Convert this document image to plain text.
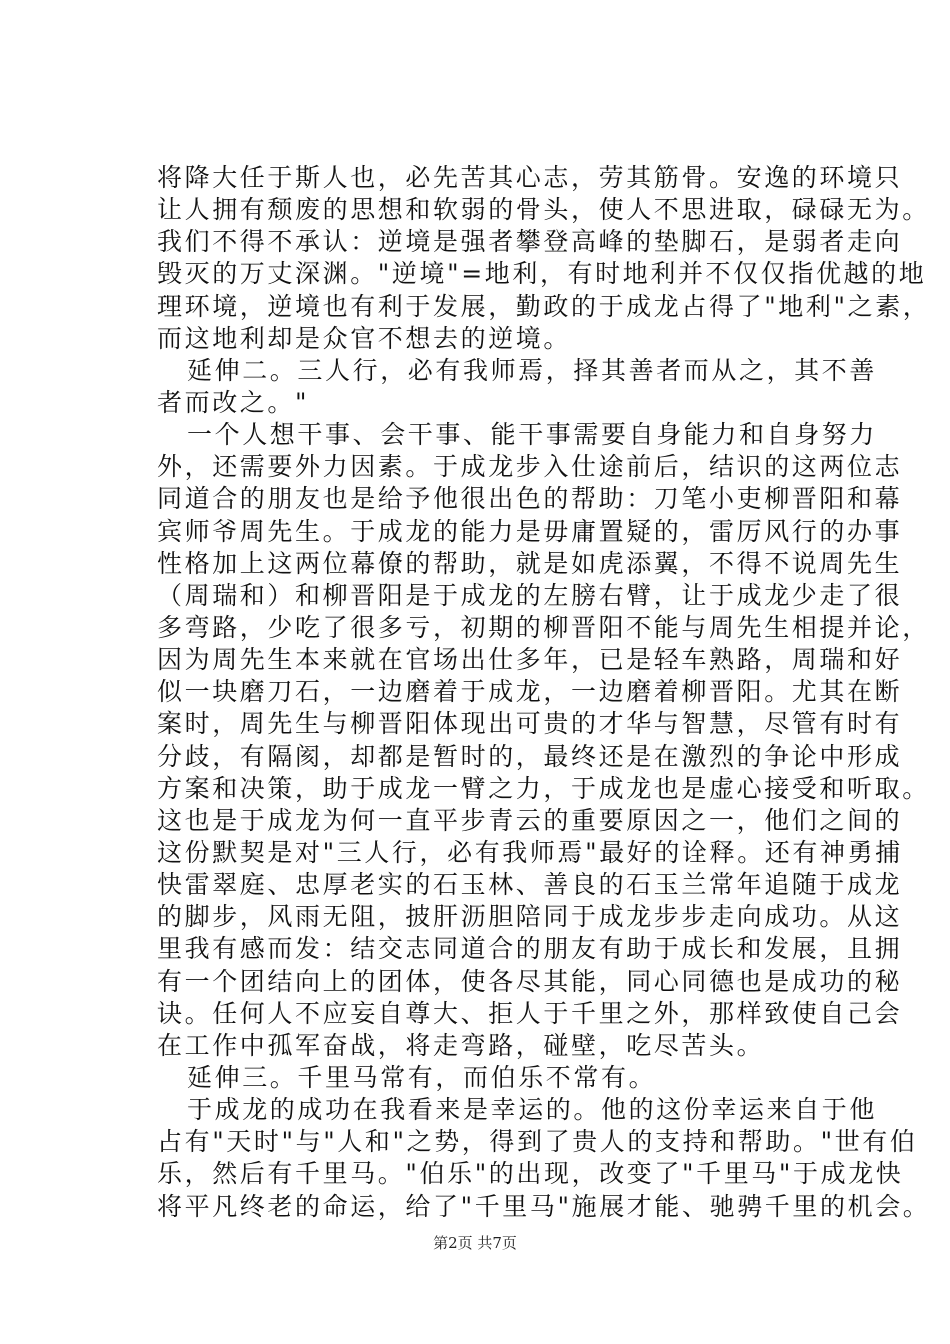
将降大任于斯人也，必先苦其心志，劳其筋骨。安逸的环境只
让人拥有颓废的思想和软弱的骨头，使人不思进取，碌碌无为。
我们不得不承认：逆境是强者攀登高峰的垫脚石，是弱者走向
毁灭的万丈深渊。"逆境"=地利，有时地利并不仅仅指优越的地
理环境，逆境也有利于发展，勤政的于成龙占得了"地利"之素，
而这地利却是众官不想去的逆境。
延伸二。三人行，必有我师焉，择其善者而从之，其不善
者而改之。"
一个人想干事、会干事、能干事需要自身能力和自身努力
外，还需要外力因素。于成龙步入仕途前后，结识的这两位志
同道合的朋友也是给予他很出色的帮助：刀笔小吏柳晋阳和幕
宾师爷周先生。于成龙的能力是毋庸置疑的，雷厉风行的办事
性格加上这两位幕僚的帮助，就是如虎添翼，不得不说周先生
（周瑞和）和柳晋阳是于成龙的左膀右臂，让于成龙少走了很
多弯路，少吃了很多亏，初期的柳晋阳不能与周先生相提并论，
因为周先生本来就在官场出仕多年，已是轻车熟路，周瑞和好
似一块磨刀石，一边磨着于成龙，一边磨着柳晋阳。尤其在断
案时，周先生与柳晋阳体现出可贵的才华与智慧，尽管有时有
分歧，有隔阂，却都是暂时的，最终还是在激烈的争论中形成
方案和决策，助于成龙一臂之力，于成龙也是虚心接受和听取。
这也是于成龙为何一直平步青云的重要原因之一，他们之间的
这份默契是对"三人行，必有我师焉"最好的诠释。还有神勇捕
快雷翠庭、忠厚老实的石玉林、善良的石玉兰常年追随于成龙
的脚步，风雨无阻，披肝沥胆陪同于成龙步步走向成功。从这
里我有感而发：结交志同道合的朋友有助于成长和发展，且拥
有一个团结向上的团体，使各尽其能，同心同德也是成功的秘
诀。任何人不应妄自尊大、拒人于千里之外，那样致使自己会
在工作中孤军奋战，将走弯路，碰壁，吃尽苦头。
延伸三。千里马常有，而伯乐不常有。
于成龙的成功在我看来是幸运的。他的这份幸运来自于他
占有"天时"与"人和"之势，得到了贵人的支持和帮助。"世有伯
乐，然后有千里马。"伯乐"的出现，改变了"千里马"于成龙快
将平凡终老的命运，给了"千里马"施展才能、驰骋千里的机会。
第2页 共7页
